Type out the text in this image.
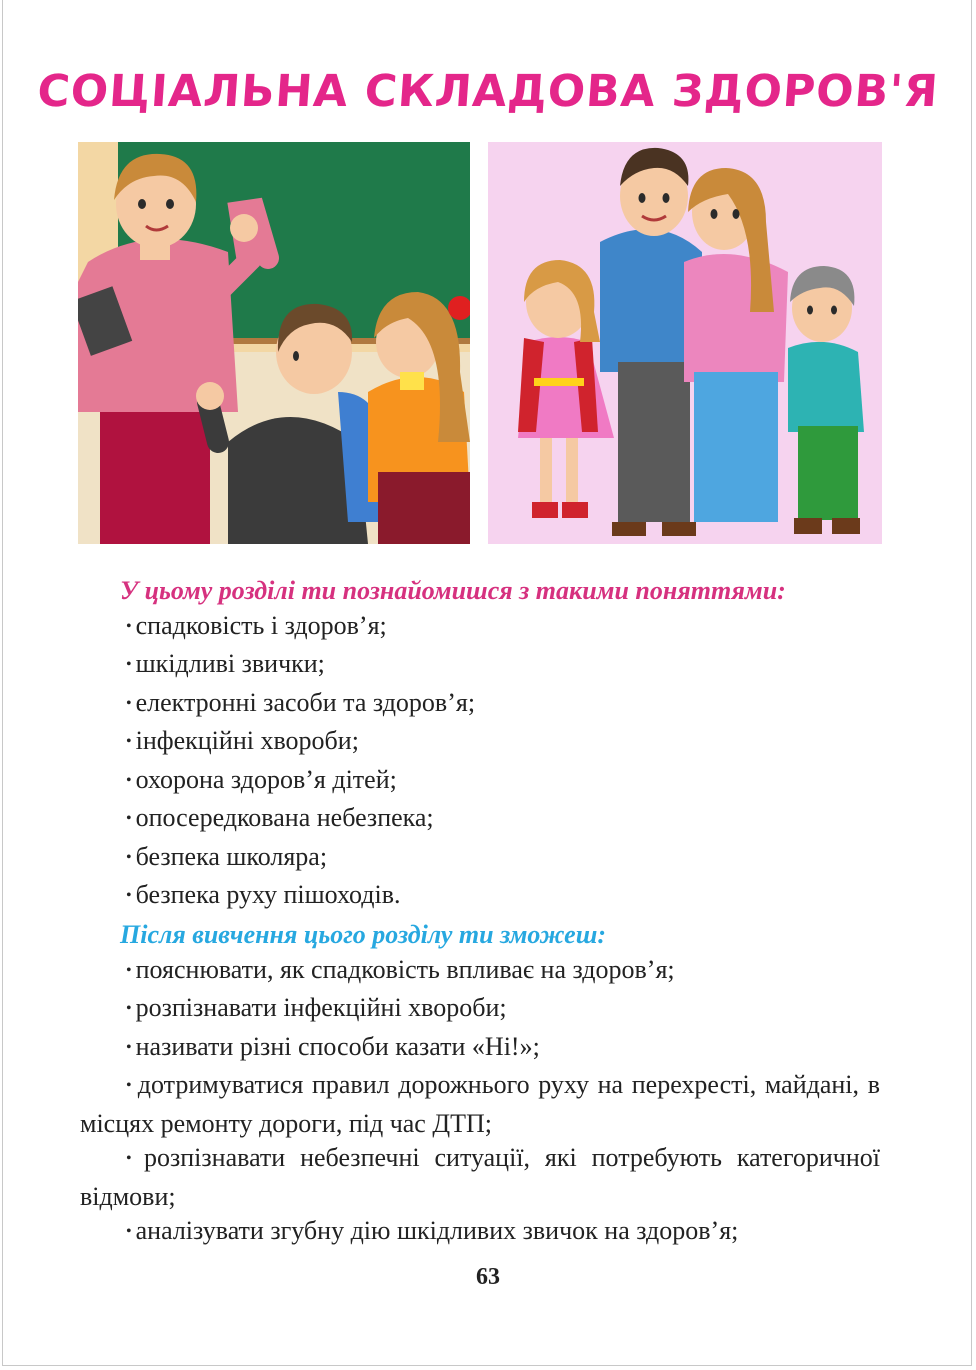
СОЦІАЛЬНА СКЛАДОВА ЗДОРОВ'Я
У цьому розділі ти познайомишся з такими поняттями:
• спадковість і здоров’я;
• шкідливі звички;
• електронні засоби та здоров’я;
• інфекційні хвороби;
• охорона здоров’я дітей;
• опосередкована небезпека;
• безпека школяра;
• безпека руху пішоходів.
Після вивчення цього розділу ти зможеш:
• пояснювати, як спадковість впливає на здоров’я;
• розпізнавати інфекційні хвороби;
• називати різні способи казати «Ні!»;
• дотримуватися правил дорожнього руху на перехресті, майдані, в місцях ремонту дороги, під час ДТП;
• розпізнавати небезпечні ситуації, які потребують категоричної відмови;
• аналізувати згубну дію шкідливих звичок на здоров’я;
63
